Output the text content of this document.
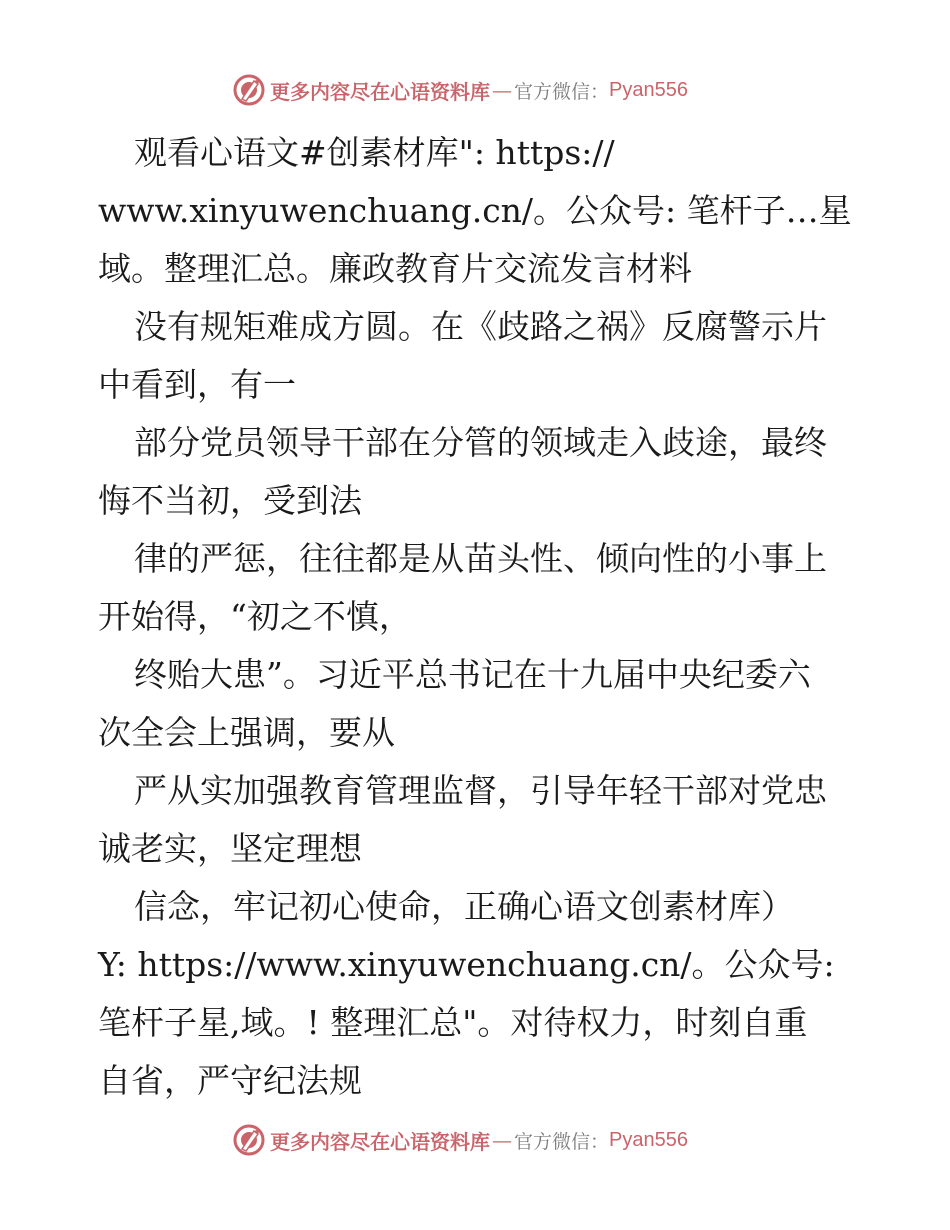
更多内容尽在心语资料库 — 官方微信： Pyan556
观看心语文#创素材库": https://
www.xinyuwenchuang.cn/。公众号: 笔杆子…星
域。整理汇总。廉政教育片交流发言材料
没有规矩难成方圆。在《歧路之祸》反腐警示片
中看到，有一
部分党员领导干部在分管的领域走入歧途，最终
悔不当初，受到法
律的严惩，往往都是从苗头性、倾向性的小事上
开始得，“初之不慎，
终贻大患”。习近平总书记在十九届中央纪委六
次全会上强调，要从
严从实加强教育管理监督，引导年轻干部对党忠
诚老实，坚定理想
信念，牢记初心使命，正确心语文创素材库）
Y: https://www.xinyuwenchuang.cn/。公众号:
笔杆子星,域。! 整理汇总"。对待权力，时刻自重
自省，严守纪法规
更多内容尽在心语资料库 — 官方微信： Pyan556
